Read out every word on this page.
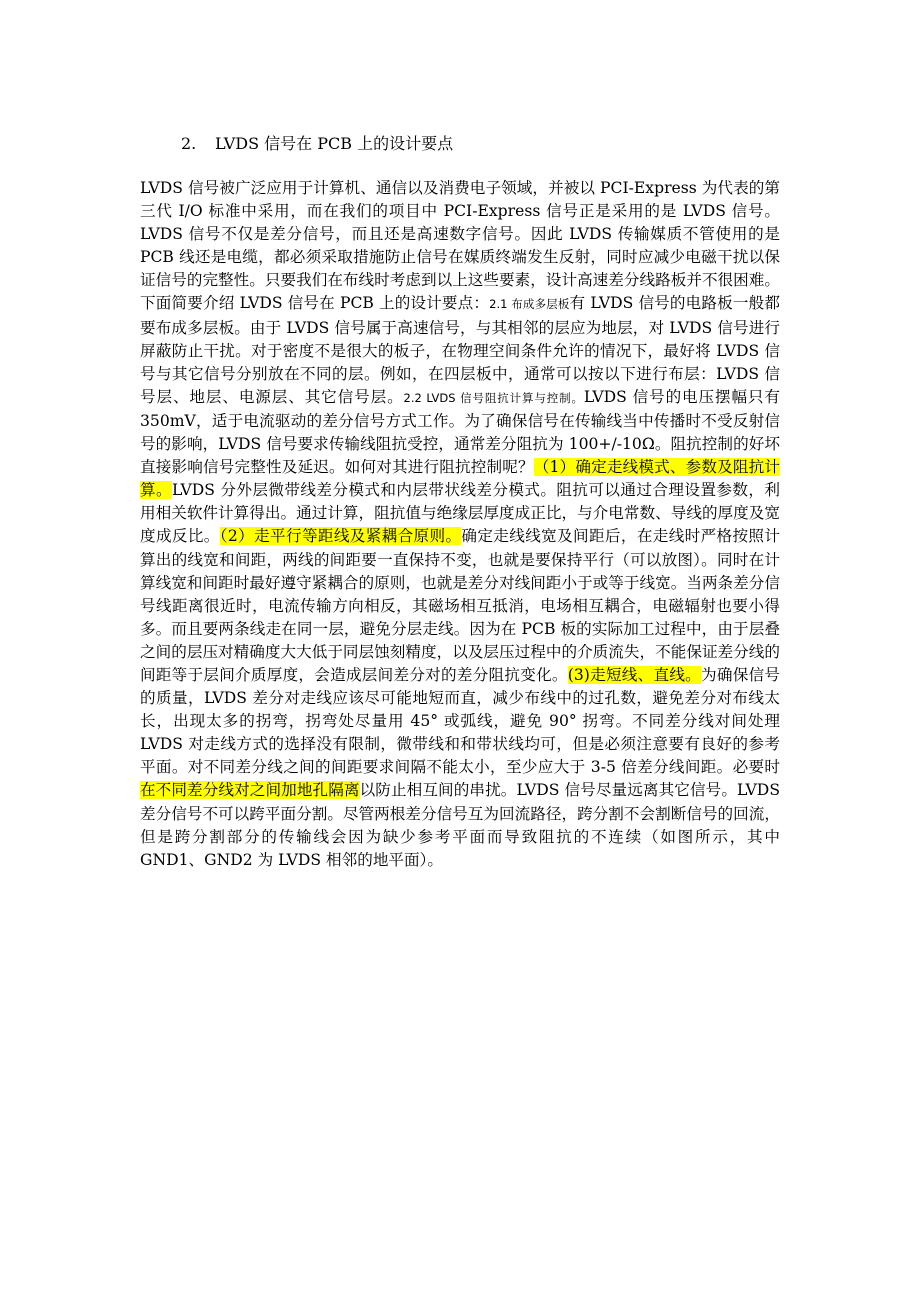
2. LVDS 信号在 PCB 上的设计要点
LVDS 信号被广泛应用于计算机、通信以及消费电子领域，并被以 PCI-Express 为代表的第三代 I/O 标准中采用，而在我们的项目中 PCI-Express 信号正是采用的是 LVDS 信号。LVDS 信号不仅是差分信号，而且还是高速数字信号。因此 LVDS 传输媒质不管使用的是 PCB 线还是电缆，都必须采取措施防止信号在媒质终端发生反射，同时应减少电磁干扰以保证信号的完整性。只要我们在布线时考虑到以上这些要素，设计高速差分线路板并不很困难。下面简要介绍 LVDS 信号在 PCB 上的设计要点：2.1 布成多层板有 LVDS 信号的电路板一般都要布成多层板。由于 LVDS 信号属于高速信号，与其相邻的层应为地层，对 LVDS 信号进行屏蔽防止干扰。对于密度不是很大的板子，在物理空间条件允许的情况下，最好将 LVDS 信号与其它信号分别放在不同的层。例如，在四层板中，通常可以按以下进行布层：LVDS 信号层、地层、电源层、其它信号层。2.2 LVDS 信号阻抗计算与控制。LVDS 信号的电压摆幅只有 350mV，适于电流驱动的差分信号方式工作。为了确保信号在传输线当中传播时不受反射信号的影响，LVDS 信号要求传输线阻抗受控，通常差分阻抗为 100+/-10Ω。阻抗控制的好坏直接影响信号完整性及延迟。如何对其进行阻抗控制呢？（1）确定走线模式、参数及阻抗计算。LVDS 分外层微带线差分模式和内层带状线差分模式。阻抗可以通过合理设置参数，利用相关软件计算得出。通过计算，阻抗值与绝缘层厚度成正比，与介电常数、导线的厚度及宽度成反比。（2）走平行等距线及紧耦合原则。确定走线线宽及间距后，在走线时严格按照计算出的线宽和间距，两线的间距要一直保持不变，也就是要保持平行（可以放图）。同时在计算线宽和间距时最好遵守紧耦合的原则，也就是差分对线间距小于或等于线宽。当两条差分信号线距离很近时，电流传输方向相反，其磁场相互抵消，电场相互耦合，电磁辐射也要小得多。而且要两条线走在同一层，避免分层走线。因为在 PCB 板的实际加工过程中，由于层叠之间的层压对精确度大大低于同层蚀刻精度，以及层压过程中的介质流失，不能保证差分线的间距等于层间介质厚度，会造成层间差分对的差分阻抗变化。(3)走短线、直线。为确保信号的质量，LVDS 差分对走线应该尽可能地短而直，减少布线中的过孔数，避免差分对布线太长，出现太多的拐弯，拐弯处尽量用 45° 或弧线，避免 90° 拐弯。不同差分线对间处理 LVDS 对走线方式的选择没有限制，微带线和和带状线均可，但是必须注意要有良好的参考平面。对不同差分线之间的间距要求间隔不能太小，至少应大于 3-5 倍差分线间距。必要时在不同差分线对之间加地孔隔离以防止相互间的串扰。LVDS 信号尽量远离其它信号。LVDS 差分信号不可以跨平面分割。尽管两根差分信号互为回流路径，跨分割不会割断信号的回流，但是跨分割部分的传输线会因为缺少参考平面而导致阻抗的不连续（如图所示，其中 GND1、GND2 为 LVDS 相邻的地平面）。
